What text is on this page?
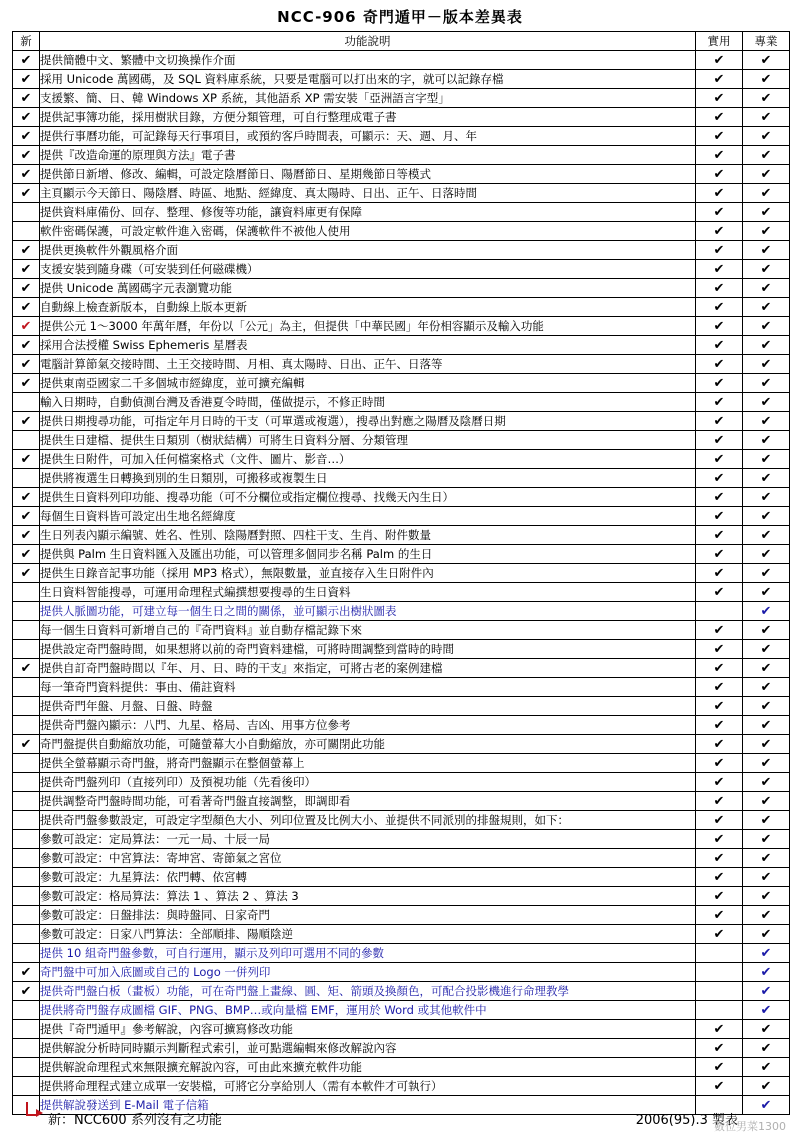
NCC-906 奇門遁甲－版本差異表
新	功能說明	實用	專業
✔	提供簡體中文、繁體中文切換操作介面	✔	✔
✔	採用 Unicode 萬國碼，及 SQL 資料庫系統，只要是電腦可以打出來的字，就可以記錄存檔	✔	✔
✔	支援繁、簡、日、韓 Windows XP 系統，其他語系 XP 需安裝「亞洲語言字型」	✔	✔
✔	提供記事簿功能，採用樹狀目錄，方便分類管理，可自行整理成電子書	✔	✔
✔	提供行事曆功能，可記錄每天行事項目，或預約客戶時間表，可顯示：天、週、月、年	✔	✔
✔	提供『改造命運的原理與方法』電子書	✔	✔
✔	提供節日新增、修改、編輯，可設定陰曆節日、陽曆節日、星期幾節日等模式	✔	✔
✔	主頁顯示今天節日、陽陰曆、時區、地點、經緯度、真太陽時、日出、正午、日落時間	✔	✔
	提供資料庫備份、回存、整理、修復等功能，讓資料庫更有保障	✔	✔
	軟件密碼保護，可設定軟件進入密碼，保護軟件不被他人使用	✔	✔
✔	提供更換軟件外觀風格介面	✔	✔
✔	支援安裝到隨身碟（可安裝到任何磁碟機）	✔	✔
✔	提供 Unicode 萬國碼字元表瀏覽功能	✔	✔
✔	自動線上檢查新版本，自動線上版本更新	✔	✔
✔	提供公元 1～3000 年萬年曆，年份以「公元」為主，但提供「中華民國」年份相容顯示及輸入功能	✔	✔
✔	採用合法授權 Swiss Ephemeris 星曆表	✔	✔
✔	電腦計算節氣交接時間、土王交接時間、月相、真太陽時、日出、正午、日落等	✔	✔
✔	提供東南亞國家二千多個城市經緯度，並可擴充編輯	✔	✔
	輸入日期時，自動偵測台灣及香港夏令時間，僅做提示，不修正時間	✔	✔
✔	提供日期搜尋功能，可指定年月日時的干支（可單選或複選），搜尋出對應之陽曆及陰曆日期	✔	✔
	提供生日建檔、提供生日類別（樹狀結構）可將生日資料分層、分類管理	✔	✔
✔	提供生日附件，可加入任何檔案格式（文件、圖片、影音…）	✔	✔
	提供將複選生日轉換到別的生日類別，可搬移或複製生日	✔	✔
✔	提供生日資料列印功能、搜尋功能（可不分欄位或指定欄位搜尋、找幾天內生日）	✔	✔
✔	每個生日資料皆可設定出生地名經緯度	✔	✔
✔	生日列表內顯示編號、姓名、性別、陰陽曆對照、四柱干支、生肖、附件數量	✔	✔
✔	提供與 Palm 生日資料匯入及匯出功能，可以管理多個同步名稱 Palm 的生日	✔	✔
✔	提供生日錄音記事功能（採用 MP3 格式），無限數量，並直接存入生日附件內	✔	✔
	生日資料智能搜尋，可運用命理程式編撰想要搜尋的生日資料	✔	✔
	提供人脈圖功能，可建立每一個生日之間的關係，並可顯示出樹狀圖表		✔
	每一個生日資料可新增自己的『奇門資料』並自動存檔記錄下來	✔	✔
	提供設定奇門盤時間，如果想將以前的奇門資料建檔，可將時間調整到當時的時間	✔	✔
✔	提供自訂奇門盤時間以『年、月、日、時的干支』來指定，可將古老的案例建檔	✔	✔
	每一筆奇門資料提供：事由、備註資料	✔	✔
	提供奇門年盤、月盤、日盤、時盤	✔	✔
	提供奇門盤內顯示：八門、九星、格局、吉凶、用事方位參考	✔	✔
✔	奇門盤提供自動縮放功能，可隨螢幕大小自動縮放，亦可關閉此功能	✔	✔
	提供全螢幕顯示奇門盤，將奇門盤顯示在整個螢幕上	✔	✔
	提供奇門盤列印（直接列印）及預視功能（先看後印）	✔	✔
	提供調整奇門盤時間功能，可看著奇門盤直接調整，即調即看	✔	✔
	提供奇門盤參數設定，可設定字型顏色大小、列印位置及比例大小、並提供不同派別的排盤規則，如下：	✔	✔
	參數可設定：定局算法：一元一局、十辰一局	✔	✔
	參數可設定：中宮算法：寄坤宮、寄節氣之宮位	✔	✔
	參數可設定：九星算法：依門轉、依宮轉	✔	✔
	參數可設定：格局算法：算法 1 、算法 2 、算法 3	✔	✔
	參數可設定：日盤排法：與時盤同、日家奇門	✔	✔
	參數可設定：日家八門算法：全部順排、陽順陰逆	✔	✔
	提供 10 組奇門盤參數，可自行運用，顯示及列印可選用不同的參數		✔
✔	奇門盤中可加入底圖或自己的 Logo 一併列印		✔
✔	提供奇門盤白板（畫板）功能，可在奇門盤上畫線、圓、矩、箭頭及換顏色，可配合投影機進行命理教學		✔
	提供將奇門盤存成圖檔 GIF、PNG、BMP…或向量檔 EMF，運用於 Word 或其他軟件中		✔
	提供『奇門遁甲』參考解說，內容可擴寫修改功能	✔	✔
	提供解說分析時同時顯示判斷程式索引，並可點選編輯來修改解說內容	✔	✔
	提供解說命理程式來無限擴充解說內容，可由此來擴充軟件功能	✔	✔
	提供將命理程式建立成單一安裝檔，可將它分享給別人（需有本軟件才可執行）	✔	✔
	提供解說發送到 E-Mail 電子信箱		✔
新：NCC600 系列沒有之功能	2006(95).3 製表
數位男菜1300
